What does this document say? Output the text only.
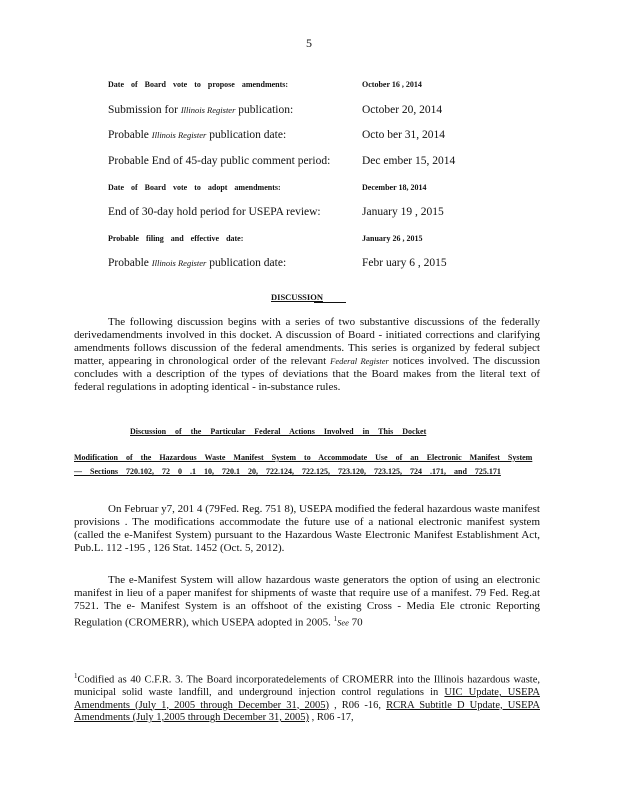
5
Date of Board vote to propose amendments:	October 16 , 2014
Submission for Illinois Register publication:	October 20, 2014
Probable Illinois Register publication date:	Octo ber 31, 2014
Probable End of 45-day public comment period:	Dec ember 15, 2014
Date of Board vote to adopt amendments:	December 18, 2014
End of 30-day hold period for USEPA review:	January 19 , 2015
Probable filing and effective date:	January 26 , 2015
Probable Illinois Register publication date:	Febr uary 6 , 2015
DISCUSSION

The following discussion begins with a series of two substantive discussions of the federally derivedamendments involved in this docket. A discussion of Board - initiated corrections and clarifying amendments follows discussion of the federal amendments. This series is organized by federal subject matter, appearing in chronological order of the relevant Federal Register notices involved. The discussion concludes with a description of the types of deviations that the Board makes from the literal text of federal regulations in adopting identical - in-substance rules.

Discussion of the Particular Federal Actions Involved in This Docket
Modification of the Hazardous Waste Manifest System to Accommodate Use of an Electronic Manifest System — Sections 720.102, 72 0 .1 10, 720.1 20, 722.124, 722.125, 723.120, 723.125, 724 .171, and 725.171

On Februar y7, 201 4 (79Fed. Reg. 751 8), USEPA modified the federal hazardous waste manifest provisions . The modifications accommodate the future use of a national electronic manifest system (called the e-Manifest System) pursuant to the Hazardous Waste Electronic Manifest Establishment Act, Pub.L. 112 -195 , 126 Stat. 1452 (Oct. 5, 2012).

The e-Manifest System will allow hazardous waste generators the option of using an electronic manifest in lieu of a paper manifest for shipments of waste that require use of a manifest. 79 Fed. Reg.at 7521. The e- Manifest System is an offshoot of the existing Cross - Media Ele ctronic Reporting Regulation (CROMERR), which USEPA adopted in 2005. $^1$See 70

$^1$Codified as 40 C.F.R. 3. The Board incorporatedelements of CROMERR into the Illinois hazardous waste, municipal solid waste landfill, and underground injection control regulations in UIC Update, USEPA Amendments (July 1, 2005 through December 31, 2005) , R06 -16, RCRA Subtitle D Update, USEPA Amendments (July 1,2005 through December 31, 2005) , R06 -17,
